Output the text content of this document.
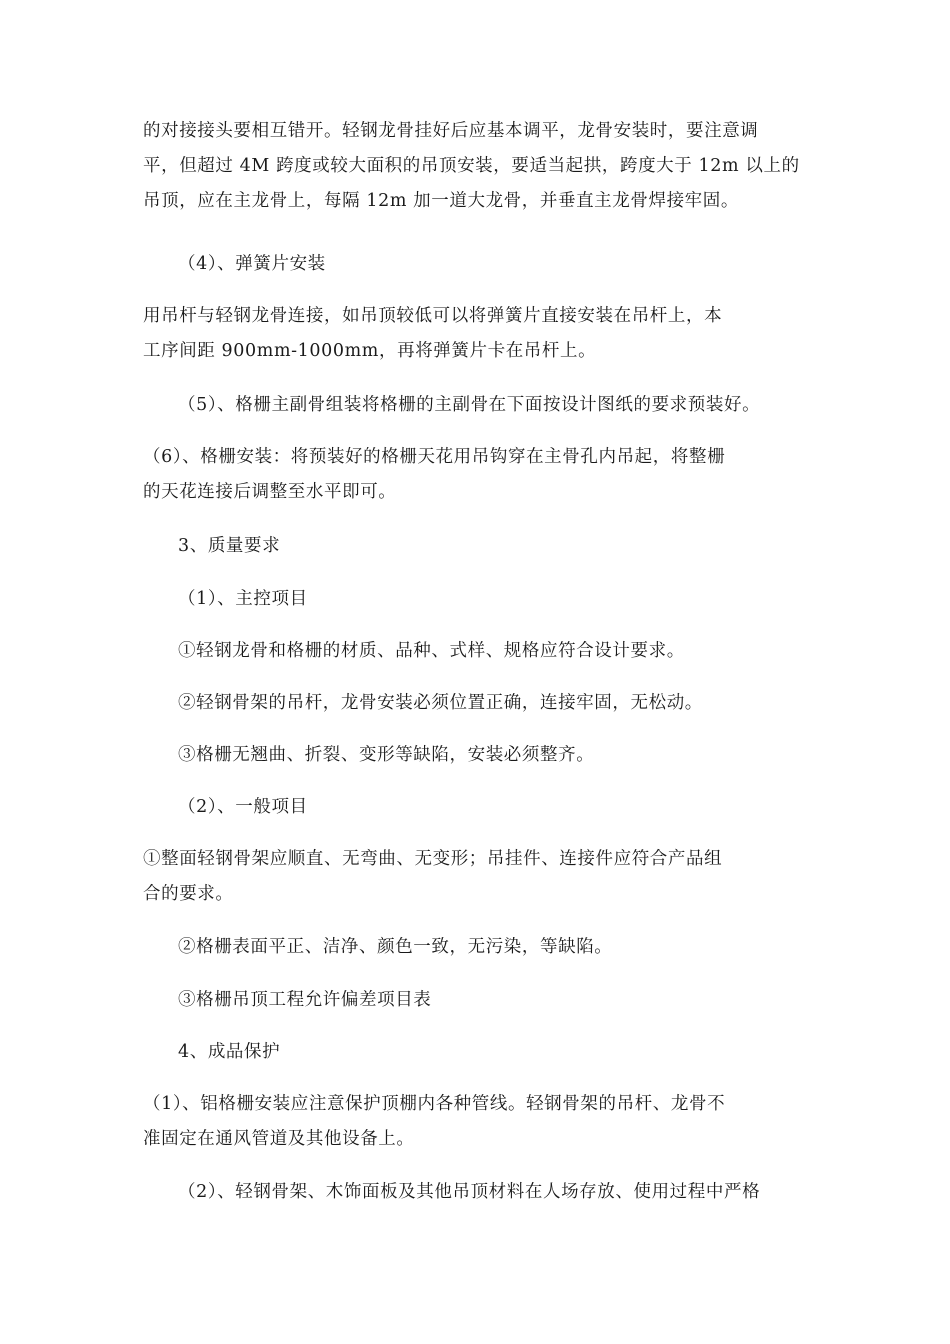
的对接接头要相互错开。轻钢龙骨挂好后应基本调平，龙骨安装时，要注意调
平，但超过 4M 跨度或较大面积的吊顶安装，要适当起拱，跨度大于 12m 以上的
吊顶，应在主龙骨上，每隔 12m 加一道大龙骨，并垂直主龙骨焊接牢固。

（4）、弹簧片安装

用吊杆与轻钢龙骨连接，如吊顶较低可以将弹簧片直接安装在吊杆上，本
工序间距 900mm-1000mm，再将弹簧片卡在吊杆上。

（5）、格栅主副骨组装将格栅的主副骨在下面按设计图纸的要求预装好。

（6）、格栅安装：将预装好的格栅天花用吊钩穿在主骨孔内吊起，将整栅
的天花连接后调整至水平即可。

3、质量要求

（1）、主控项目

①轻钢龙骨和格栅的材质、品种、式样、规格应符合设计要求。

②轻钢骨架的吊杆，龙骨安装必须位置正确，连接牢固，无松动。

③格栅无翘曲、折裂、变形等缺陷，安装必须整齐。

（2）、一般项目

①整面轻钢骨架应顺直、无弯曲、无变形；吊挂件、连接件应符合产品组
合的要求。

②格栅表面平正、洁净、颜色一致，无污染，等缺陷。

③格栅吊顶工程允许偏差项目表

4、成品保护

（1）、铝格栅安装应注意保护顶棚内各种管线。轻钢骨架的吊杆、龙骨不
准固定在通风管道及其他设备上。

（2）、轻钢骨架、木饰面板及其他吊顶材料在人场存放、使用过程中严格
